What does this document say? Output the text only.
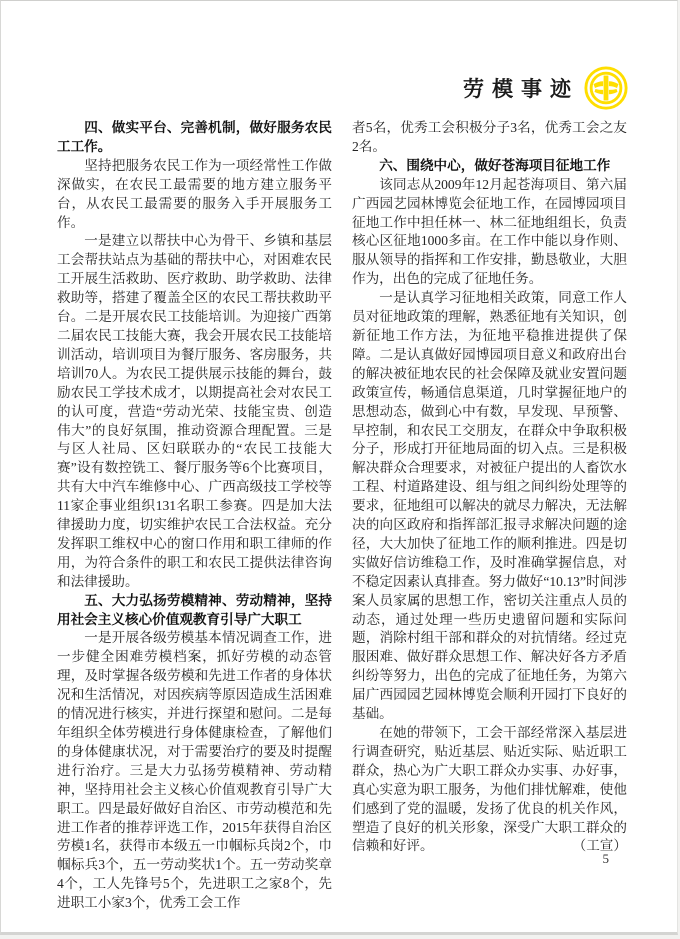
劳模事迹

四、做实平台、完善机制，做好服务农民工工作。

坚持把服务农民工作为一项经常性工作做深做实，在农民工最需要的地方建立服务平台，从农民工最需要的服务入手开展服务工作。

一是建立以帮扶中心为骨干、乡镇和基层工会帮扶站点为基础的帮扶中心，对困难农民工开展生活救助、医疗救助、助学救助、法律救助等，搭建了覆盖全区的农民工帮扶救助平台。二是开展农民工技能培训。为迎接广西第二届农民工技能大赛，我会开展农民工技能培训活动，培训项目为餐厅服务、客房服务，共培训70人。为农民工提供展示技能的舞台，鼓励农民工学技术成才，以期提高社会对农民工的认可度，营造“劳动光荣、技能宝贵、创造伟大”的良好氛围，推动资源合理配置。三是与区人社局、区妇联联办的“农民工技能大赛”设有数控铣工、餐厅服务等6个比赛项目，共有大中汽车维修中心、广西高级技工学校等11家企事业组织131名职工参赛。四是加大法律援助力度，切实维护农民工合法权益。充分发挥职工维权中心的窗口作用和职工律师的作用，为符合条件的职工和农民工提供法律咨询和法律援助。

五、大力弘扬劳模精神、劳动精神，坚持用社会主义核心价值观教育引导广大职工

一是开展各级劳模基本情况调查工作，进一步健全困难劳模档案，抓好劳模的动态管理，及时掌握各级劳模和先进工作者的身体状况和生活情况，对因疾病等原因造成生活困难的情况进行核实，并进行探望和慰问。二是每年组织全体劳模进行身体健康检查，了解他们的身体健康状况，对于需要治疗的要及时提醒进行治疗。三是大力弘扬劳模精神、劳动精神，坚持用社会主义核心价值观教育引导广大职工。四是最好做好自治区、市劳动模范和先进工作者的推荐评选工作，2015年获得自治区劳模1名，获得市本级五一巾帼标兵岗2个，巾帼标兵3个，五一劳动奖状1个。五一劳动奖章4个，工人先锋号5个，先进职工之家8个，先进职工小家3个，优秀工会工作

者5名，优秀工会积极分子3名，优秀工会之友2名。

六、围绕中心，做好苍海项目征地工作

该同志从2009年12月起苍海项目、第六届广西园艺园林博览会征地工作，在园博园项目征地工作中担任林一、林二征地组组长，负责核心区征地1000多亩。在工作中能以身作则、服从领导的指挥和工作安排，勤恳敬业，大胆作为，出色的完成了征地任务。

一是认真学习征地相关政策，同意工作人员对征地政策的理解，熟悉征地有关知识，创新征地工作方法，为征地平稳推进提供了保障。二是认真做好园博园项目意义和政府出台的解决被征地农民的社会保障及就业安置问题政策宣传，畅通信息渠道，几时掌握征地户的思想动态，做到心中有数，早发现、早预警、早控制，和农民工交朋友，在群众中争取积极分子，形成打开征地局面的切入点。三是积极解决群众合理要求，对被征户提出的人畜饮水工程、村道路建设、组与组之间纠纷处理等的要求，征地组可以解决的就尽力解决，无法解决的向区政府和指挥部汇报寻求解决问题的途径，大大加快了征地工作的顺利推进。四是切实做好信访维稳工作，及时准确掌握信息，对不稳定因素认真排查。努力做好“10.13”时间涉案人员家属的思想工作，密切关注重点人员的动态，通过处理一些历史遗留问题和实际问题，消除村组干部和群众的对抗情绪。经过克服困难、做好群众思想工作、解决好各方矛盾纠纷等努力，出色的完成了征地任务，为第六届广西园园艺园林博览会顺利开园打下良好的基础。

在她的带领下，工会干部经常深入基层进行调查研究，贴近基层、贴近实际、贴近职工群众，热心为广大职工群众办实事、办好事，真心实意为职工服务，为他们排忧解难，使他们感到了党的温暖，发扬了优良的机关作风，塑造了良好的机关形象，深受广大职工群众的信赖和好评。	（工宣）

5
